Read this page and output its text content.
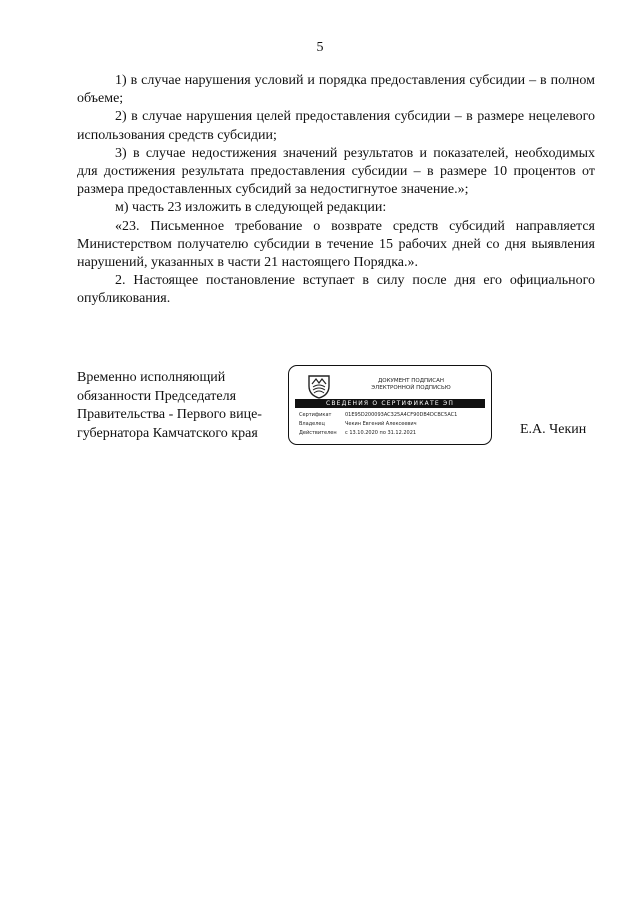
5

1) в случае нарушения условий и порядка предоставления субсидии – в полном объеме;

2) в случае нарушения целей предоставления субсидии – в размере нецелевого использования средств субсидии;

3) в случае недостижения значений результатов и показателей, необходимых для достижения результата предоставления субсидии – в размере 10 процентов от размера предоставленных субсидий за недостигнутое значение.»;

м) часть 23 изложить в следующей редакции:

«23. Письменное требование о возврате средств субсидий направляется Министерством получателю субсидии в течение 15 рабочих дней со дня выявления нарушений, указанных в части 21 настоящего Порядка.».

2. Настоящее постановление вступает в силу после дня его официального опубликования.

Временно исполняющий
обязанности Председателя
Правительства - Первого вице-
губернатора Камчатского края
ДОКУМЕНТ ПОДПИСАН
ЭЛЕКТРОННОЙ ПОДПИСЬЮ
СВЕДЕНИЯ О СЕРТИФИКАТЕ ЭП
Сертификат	01E95D200093AC325A4CF90DB4DCBC5AC1
Владелец	Чекин Евгений Алексеевич
Действителен с 13.10.2020 по 31.12.2021	Е.А. Чекин
